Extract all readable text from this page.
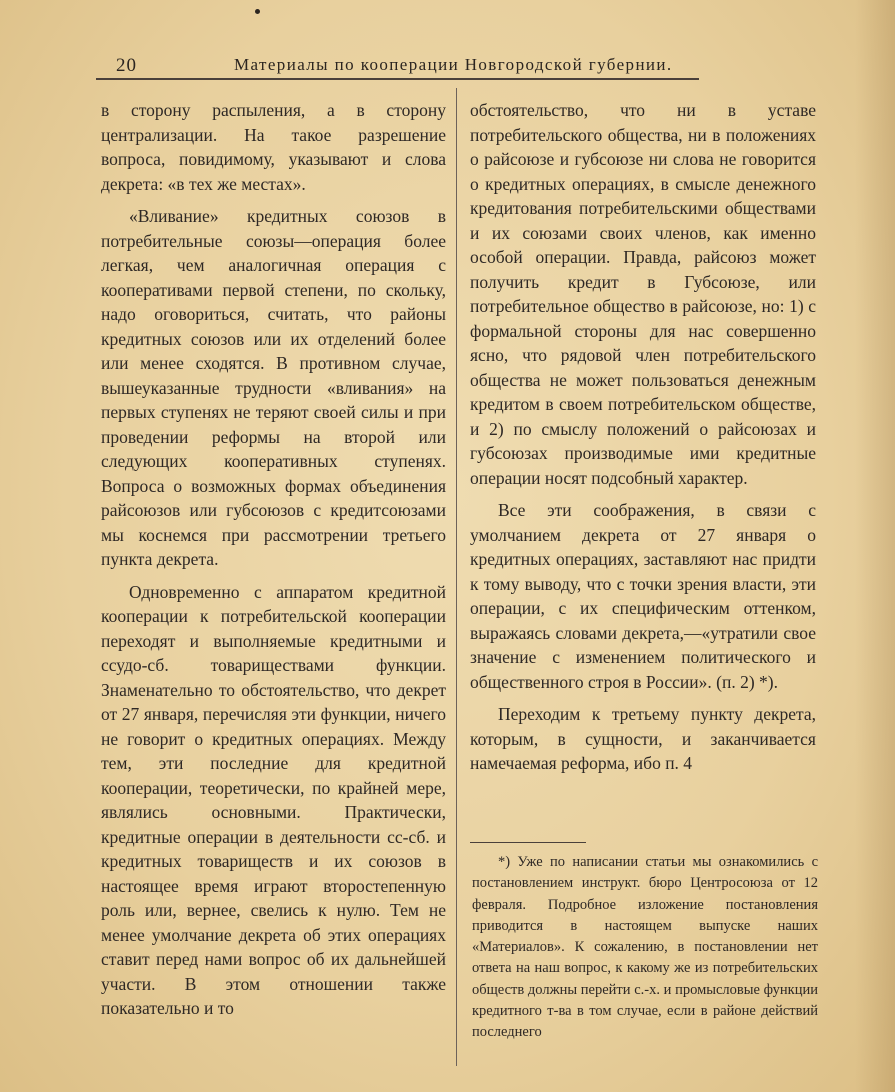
20	Материалы по кооперации Новгородской губернии.

в сторону распыления, а в сторону централизации. На такое разрешение вопроса, повидимому, указывают и слова декрета: «в тех же местах».

«Вливание» кредитных союзов в потребительные союзы—операция более легкая, чем аналогичная операция с кооперативами первой степени, по скольку, надо оговориться, считать, что районы кредитных союзов или их отделений более или менее сходятся. В противном случае, вышеуказанные трудности «вливания» на первых ступенях не теряют своей силы и при проведении реформы на второй или следующих кооперативных ступенях. Вопроса о возможных формах объединения райсоюзов или губсоюзов с кредитсоюзами мы коснемся при рассмотрении третьего пункта декрета.

Одновременно с аппаратом кредитной кооперации к потребительской кооперации переходят и выполняемые кредитными и ссудо-сб. товариществами функции. Знаменательно то обстоятельство, что декрет от 27 января, перечисляя эти функции, ничего не говорит о кредитных операциях. Между тем, эти последние для кредитной кооперации, теоретически, по крайней мере, являлись основными. Практически, кредитные операции в деятельности сс-сб. и кредитных товариществ и их союзов в настоящее время играют второстепенную роль или, вернее, свелись к нулю. Тем не менее умолчание декрета об этих операциях ставит перед нами вопрос об их дальнейшей участи. В этом отношении также показательно и то

обстоятельство, что ни в уставе потребительского общества, ни в положениях о райсоюзе и губсоюзе ни слова не говорится о кредитных операциях, в смысле денежного кредитования потребительскими обществами и их союзами своих членов, как именно особой операции. Правда, райсоюз может получить кредит в Губсоюзе, или потребительное общество в райсоюзе, но: 1) с формальной стороны для нас совершенно ясно, что рядовой член потребительского общества не может пользоваться денежным кредитом в своем потребительском обществе, и 2) по смыслу положений о райсоюзах и губсоюзах производимые ими кредитные операции носят подсобный характер.

Все эти соображения, в связи с умолчанием декрета от 27 января о кредитных операциях, заставляют нас придти к тому выводу, что с точки зрения власти, эти операции, с их специфическим оттенком, выражаясь словами декрета,—«утратили свое значение с изменением политического и общественного строя в России». (п. 2) *).

Переходим к третьему пункту декрета, которым, в сущности, и заканчивается намечаемая реформа, ибо п. 4

*) Уже по написании статьи мы ознакомились с постановлением инструкт. бюро Центросоюза от 12 февраля. Подробное изложение постановления приводится в настоящем выпуске наших «Материалов». К сожалению, в постановлении нет ответа на наш вопрос, к какому же из потребительских обществ должны перейти с.-х. и промысловые функции кредитного т-ва в том случае, если в районе действий последнего
